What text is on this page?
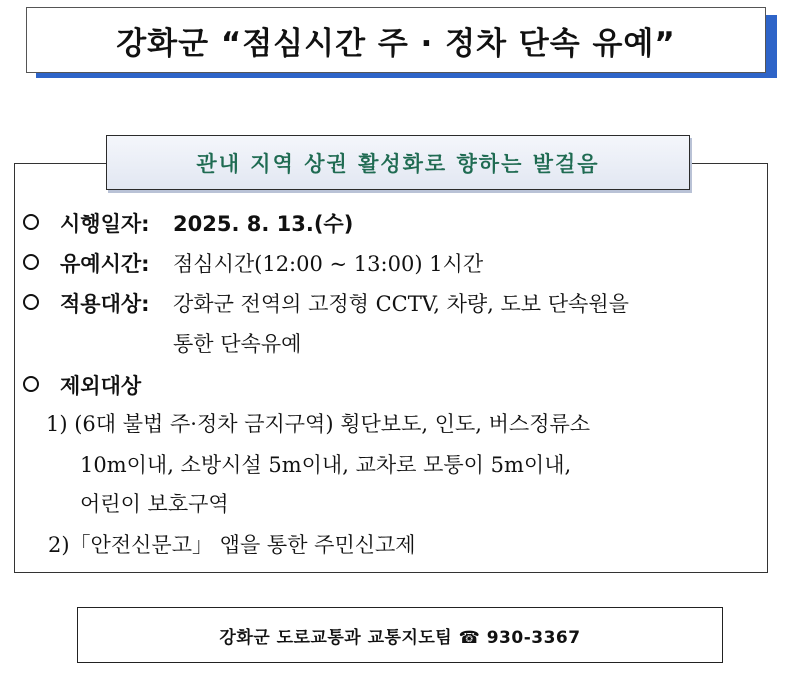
강화군 “점심시간 주 · 정차 단속 유예”
관내 지역 상권 활성화로 향하는 발걸음
시행일자: 2025. 8. 13.(수)
유예시간: 점심시간(12:00 ~ 13:00) 1시간
적용대상: 강화군 전역의 고정형 CCTV, 차량, 도보 단속원을
통한 단속유예
제외대상
1) (6대 불법 주·정차 금지구역) 횡단보도, 인도, 버스정류소
10m이내, 소방시설 5m이내, 교차로 모퉁이 5m이내,
어린이 보호구역
2)「안전신문고」 앱을 통한 주민신고제
강화군 도로교통과 교통지도팀 ☎ 930-3367
